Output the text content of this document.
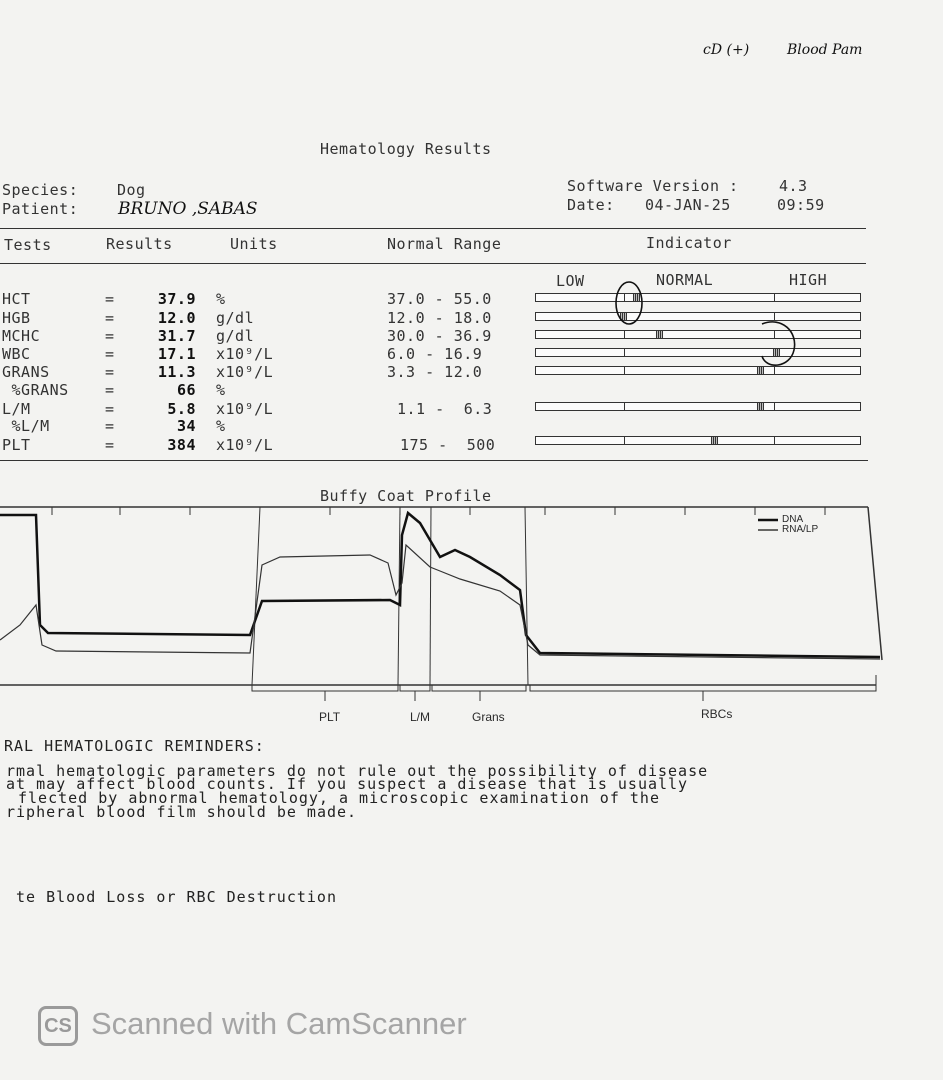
cD (+)	Blood Pam
Hematology Results
Species:	Dog
Patient: BRUNO ,SABAS
Software Version :	4.3
Date: 04-JAN-25	09:59
Tests	Results	Units	Normal Range	Indicator
LOW	NORMAL	HIGH
HCT	=	37.9 %	37.0 - 55.0
HGB	=	12.0 g/dl	12.0 - 18.0
MCHC	=	31.7 g/dl	30.0 - 36.9
WBC	=	17.1 x10⁹/L	6.0 - 16.9
GRANS	=	11.3 x10⁹/L	3.3 - 12.0
%GRANS =	66 %
L/M	=	5.8 x10⁹/L	1.1 -  6.3
%L/M	=	34 %
PLT	=	384 x10⁹/L	175 -  500
Buffy Coat Profile
DNA
RNA/LP
PLT	L/M	Grans	RBCs
RAL HEMATOLOGIC REMINDERS:
rmal hematologic parameters do not rule out the possibility of disease
at may affect blood counts. If you suspect a disease that is usually
flected by abnormal hematology, a microscopic examination of the
ripheral blood film should be made.
te Blood Loss or RBC Destruction
CS Scanned with CamScanner
